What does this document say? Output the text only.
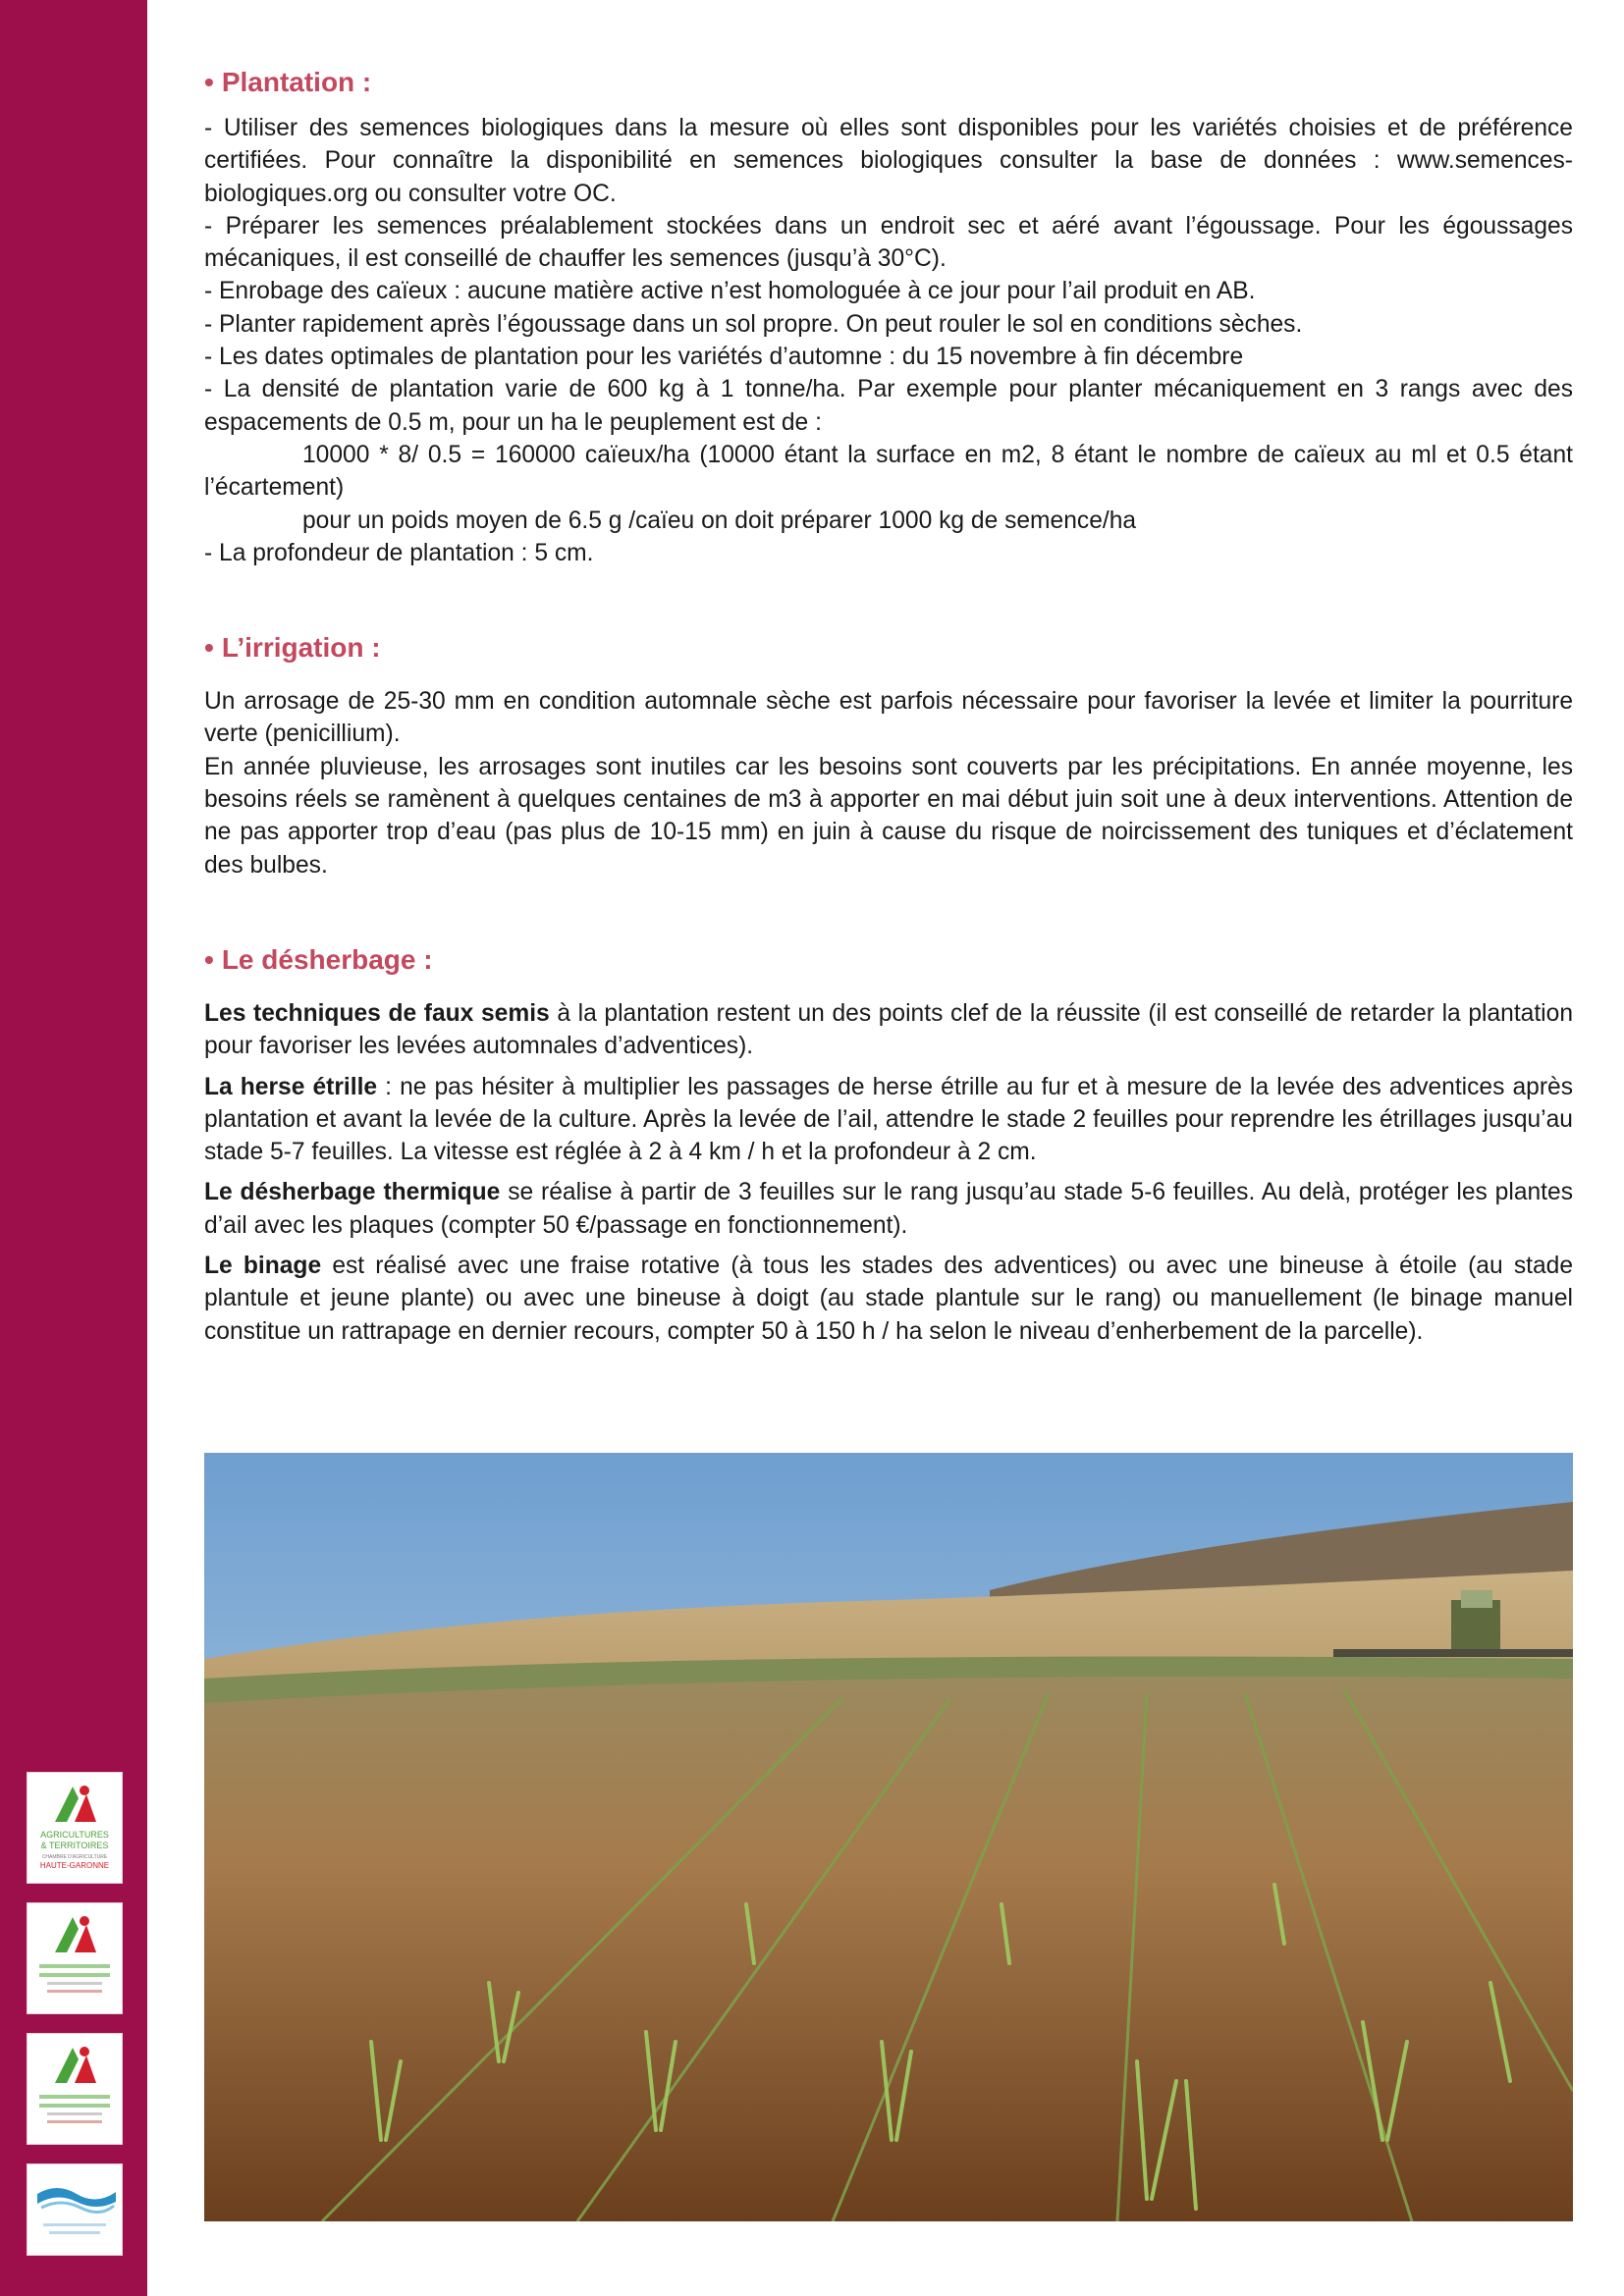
AGRICULTURES
& TERRITOIRES
CHAMBRE D'AGRICULTURE
HAUTE-GARONNE
• Plantation :

- Utiliser des semences biologiques dans la mesure où elles sont disponibles pour les variétés choisies et de préférence certifiées. Pour connaître la disponibilité en semences biologiques consulter la base de données : www.semences-biologiques.org ou consulter votre OC.

- Préparer les semences préalablement stockées dans un endroit sec et aéré avant l’égoussage. Pour les égoussages mécaniques, il est conseillé de chauffer les semences (jusqu’à 30°C).

- Enrobage des caïeux : aucune matière active n’est homologuée à ce jour pour l’ail produit en AB.

- Planter rapidement après l’égoussage dans un sol propre. On peut rouler le sol en conditions sèches.

- Les dates optimales de plantation pour les variétés d’automne : du 15 novembre à fin décembre

- La densité de plantation varie de 600 kg à 1 tonne/ha. Par exemple pour planter mécaniquement en 3 rangs avec des espacements de 0.5 m, pour un ha le peuplement est de :

10000 * 8/ 0.5 = 160000 caïeux/ha (10000 étant la surface en m2, 8 étant le nombre de caïeux au ml et 0.5 étant l’écartement)

pour un poids moyen de 6.5 g /caïeu on doit préparer 1000 kg de semence/ha

- La profondeur de plantation : 5 cm.

• L’irrigation :

Un arrosage de 25-30 mm en condition automnale sèche est parfois nécessaire pour favoriser la levée et limiter la pourriture verte (penicillium).

En année pluvieuse, les arrosages sont inutiles car les besoins sont couverts par les précipitations. En année moyenne, les besoins réels se ramènent à quelques centaines de m3 à apporter en mai début juin soit une à deux interventions. Attention de ne pas apporter trop d’eau (pas plus de 10-15 mm) en juin à cause du risque de noircissement des tuniques et d’éclatement des bulbes.

• Le désherbage :

Les techniques de faux semis à la plantation restent un des points clef de la réussite (il est conseillé de retarder la plantation pour favoriser les levées automnales d’adventices).

La herse étrille : ne pas hésiter à multiplier les passages de herse étrille au fur et à mesure de la levée des adventices après plantation et avant la levée de la culture. Après la levée de l’ail, attendre le stade 2 feuilles pour reprendre les étrillages jusqu’au stade 5-7 feuilles. La vitesse est réglée à 2 à 4 km / h et la profondeur à 2 cm.

Le désherbage thermique se réalise à partir de 3 feuilles sur le rang jusqu’au stade 5-6 feuilles. Au delà, protéger les plantes d’ail avec les plaques (compter 50 €/passage en fonctionnement).

Le binage est réalisé avec une fraise rotative (à tous les stades des adventices) ou avec une bineuse à étoile (au stade plantule et jeune plante) ou avec une bineuse à doigt (au stade plantule sur le rang) ou manuellement (le binage manuel constitue un rattrapage en dernier recours, compter 50 à 150 h / ha selon le niveau d’enherbement de la parcelle).
